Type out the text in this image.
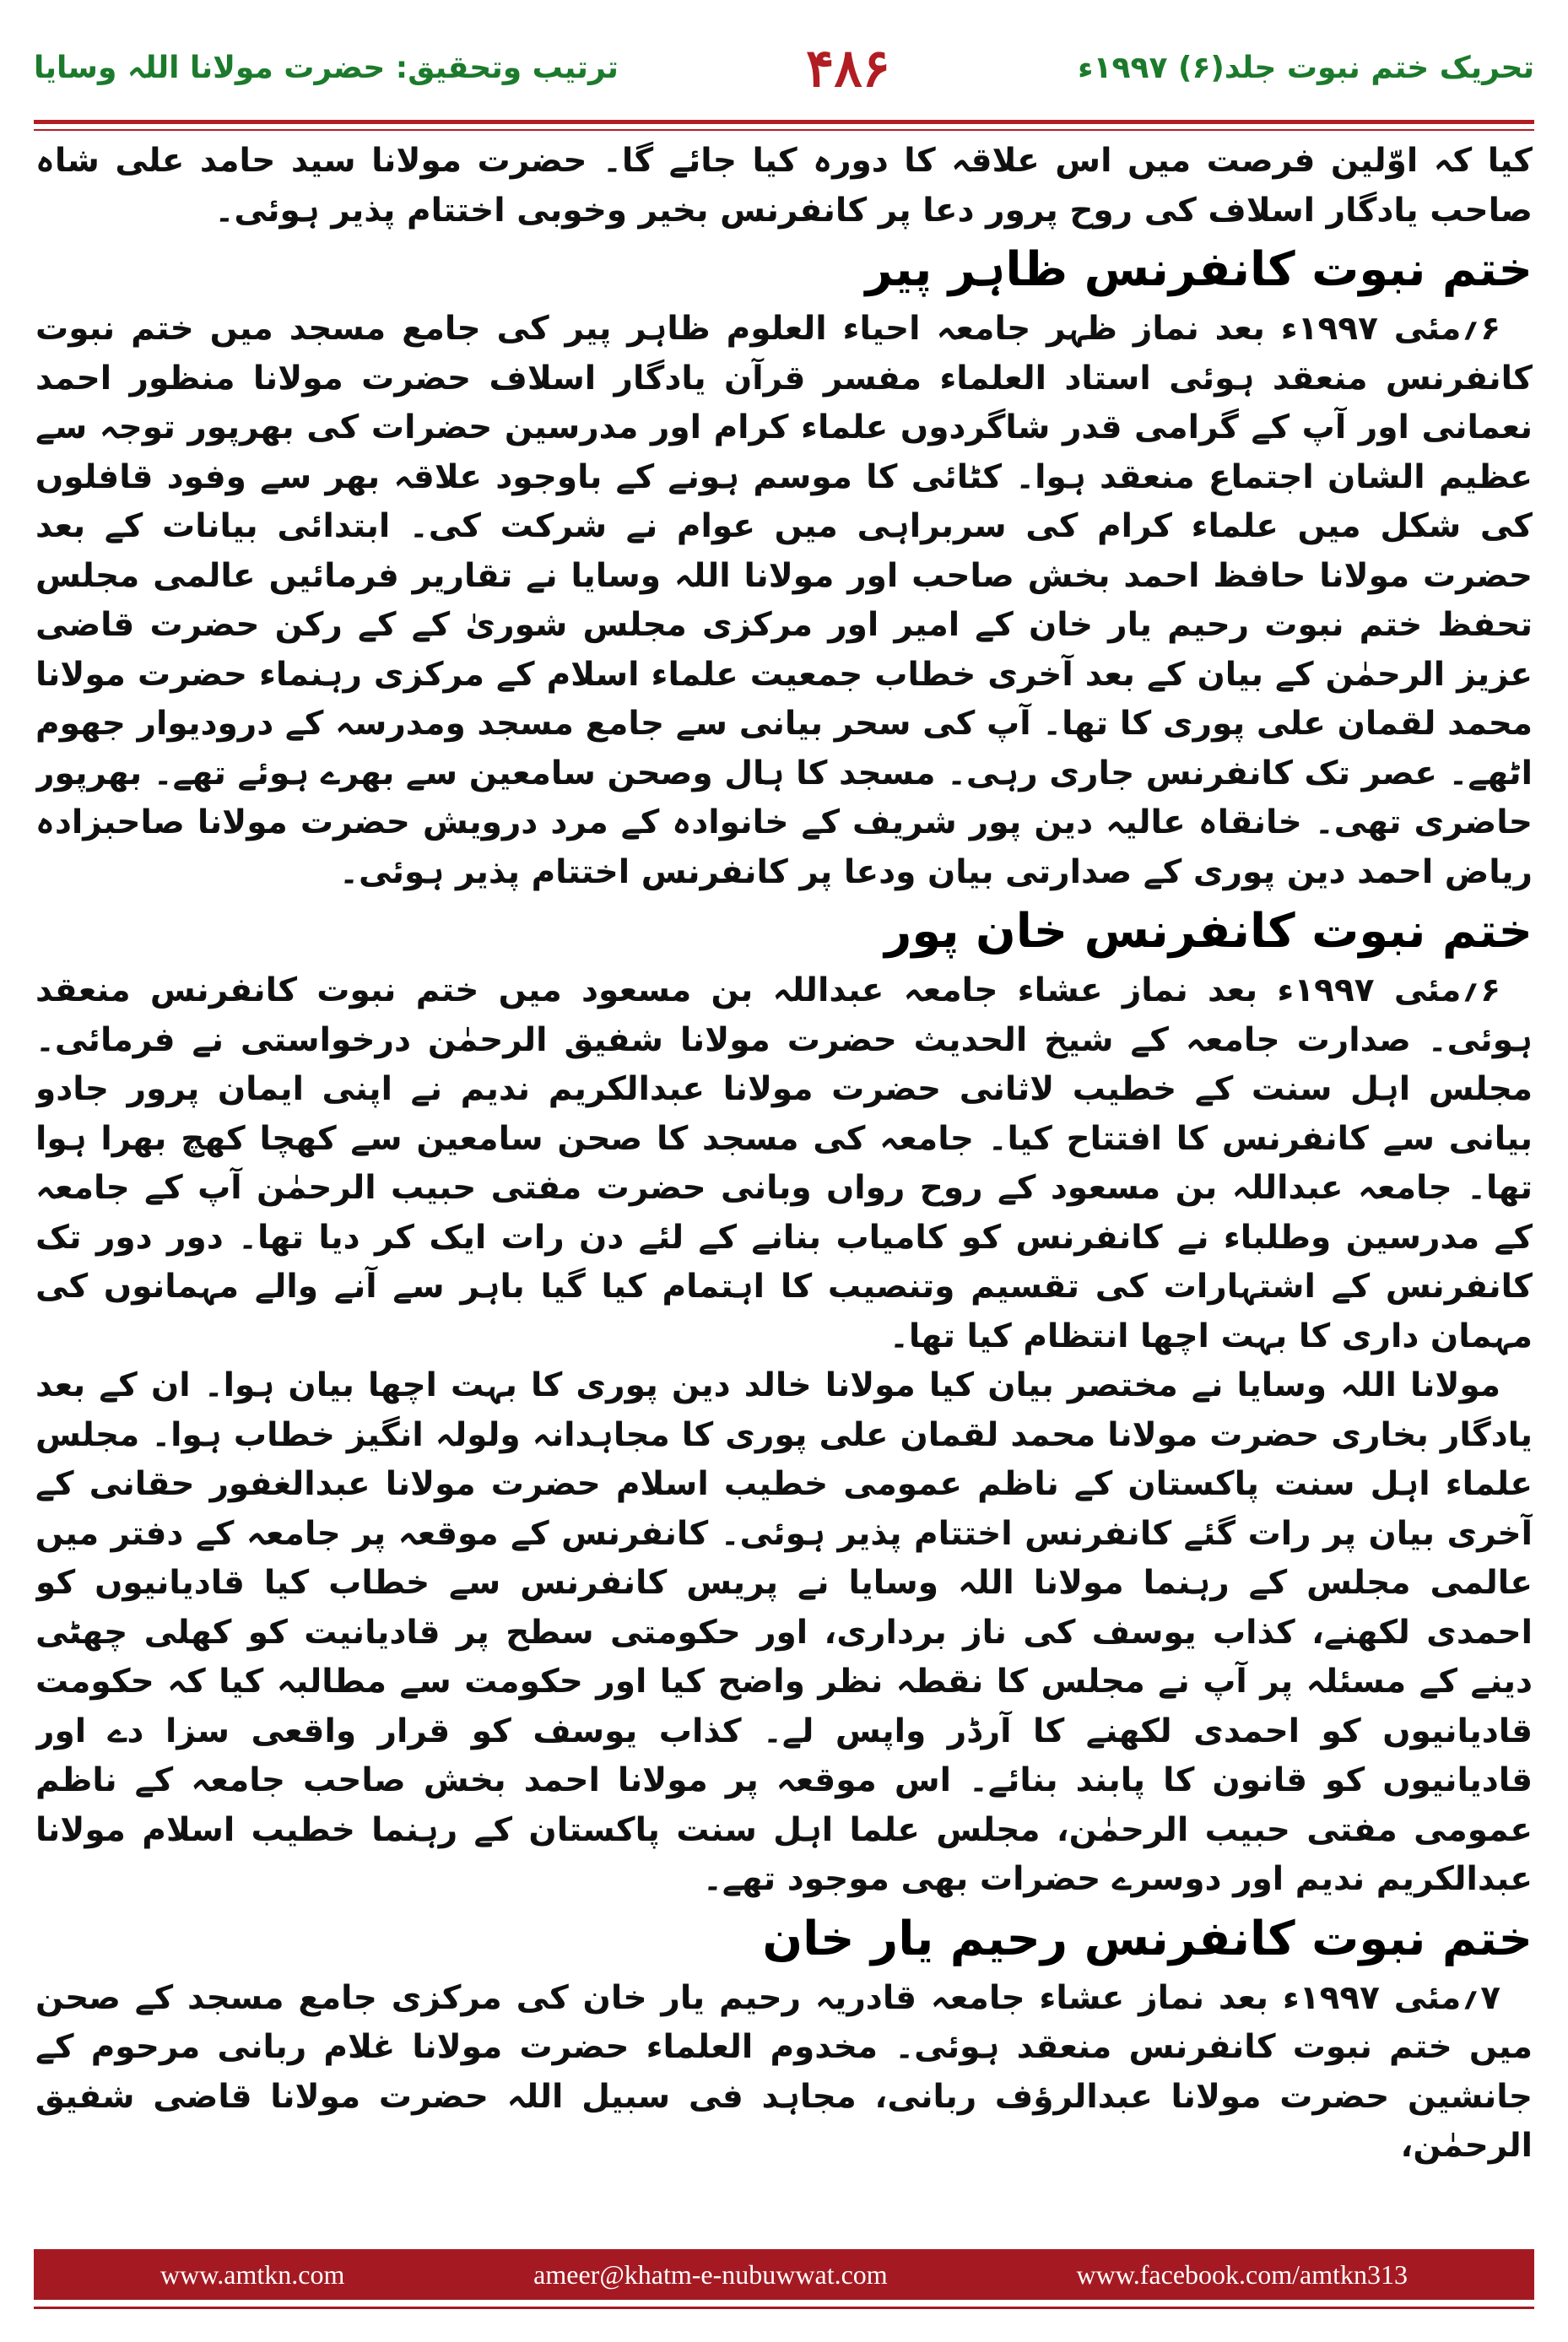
ترتیب وتحقیق: حضرت مولانا اللہ وسایا	۴۸۶	تحریک ختم نبوت جلد(۶) ۱۹۹۷ء

کیا کہ اوّلین فرصت میں اس علاقہ کا دورہ کیا جائے گا۔ حضرت مولانا سید حامد علی شاہ صاحب یادگار اسلاف کی روح پرور دعا پر کانفرنس بخیر وخوبی اختتام پذیر ہوئی۔

ختم نبوت کانفرنس ظاہر پیر

۶؍مئی ۱۹۹۷ء بعد نماز ظہر جامعہ احیاء العلوم ظاہر پیر کی جامع مسجد میں ختم نبوت کانفرنس منعقد ہوئی استاد العلماء مفسر قرآن یادگار اسلاف حضرت مولانا منظور احمد نعمانی اور آپ کے گرامی قدر شاگردوں علماء کرام اور مدرسین حضرات کی بھرپور توجہ سے عظیم الشان اجتماع منعقد ہوا۔ کٹائی کا موسم ہونے کے باوجود علاقہ بھر سے وفود قافلوں کی شکل میں علماء کرام کی سربراہی میں عوام نے شرکت کی۔ ابتدائی بیانات کے بعد حضرت مولانا حافظ احمد بخش صاحب اور مولانا اللہ وسایا نے تقاریر فرمائیں عالمی مجلس تحفظ ختم نبوت رحیم یار خان کے امیر اور مرکزی مجلس شوریٰ کے کے رکن حضرت قاضی عزیز الرحمٰن کے بیان کے بعد آخری خطاب جمعیت علماء اسلام کے مرکزی رہنماء حضرت مولانا محمد لقمان علی پوری کا تھا۔ آپ کی سحر بیانی سے جامع مسجد ومدرسہ کے درودیوار جھوم اٹھے۔ عصر تک کانفرنس جاری رہی۔ مسجد کا ہال وصحن سامعین سے بھرے ہوئے تھے۔ بھرپور حاضری تھی۔ خانقاہ عالیہ دین پور شریف کے خانوادہ کے مرد درویش حضرت مولانا صاحبزادہ ریاض احمد دین پوری کے صدارتی بیان ودعا پر کانفرنس اختتام پذیر ہوئی۔

ختم نبوت کانفرنس خان پور

۶؍مئی ۱۹۹۷ء بعد نماز عشاء جامعہ عبداللہ بن مسعود میں ختم نبوت کانفرنس منعقد ہوئی۔ صدارت جامعہ کے شیخ الحدیث حضرت مولانا شفیق الرحمٰن درخواستی نے فرمائی۔ مجلس اہل سنت کے خطیب لاثانی حضرت مولانا عبدالکریم ندیم نے اپنی ایمان پرور جادو بیانی سے کانفرنس کا افتتاح کیا۔ جامعہ کی مسجد کا صحن سامعین سے کھچا کھچ بھرا ہوا تھا۔ جامعہ عبداللہ بن مسعود کے روح رواں وبانی حضرت مفتی حبیب الرحمٰن آپ کے جامعہ کے مدرسین وطلباء نے کانفرنس کو کامیاب بنانے کے لئے دن رات ایک کر دیا تھا۔ دور دور تک کانفرنس کے اشتہارات کی تقسیم وتنصیب کا اہتمام کیا گیا باہر سے آنے والے مہمانوں کی مہمان داری کا بہت اچھا انتظام کیا تھا۔

مولانا اللہ وسایا نے مختصر بیان کیا مولانا خالد دین پوری کا بہت اچھا بیان ہوا۔ ان کے بعد یادگار بخاری حضرت مولانا محمد لقمان علی پوری کا مجاہدانہ ولولہ انگیز خطاب ہوا۔ مجلس علماء اہل سنت پاکستان کے ناظم عمومی خطیب اسلام حضرت مولانا عبدالغفور حقانی کے آخری بیان پر رات گئے کانفرنس اختتام پذیر ہوئی۔ کانفرنس کے موقعہ پر جامعہ کے دفتر میں عالمی مجلس کے رہنما مولانا اللہ وسایا نے پریس کانفرنس سے خطاب کیا قادیانیوں کو احمدی لکھنے، کذاب یوسف کی ناز برداری، اور حکومتی سطح پر قادیانیت کو کھلی چھٹی دینے کے مسئلہ پر آپ نے مجلس کا نقطہ نظر واضح کیا اور حکومت سے مطالبہ کیا کہ حکومت قادیانیوں کو احمدی لکھنے کا آرڈر واپس لے۔ کذاب یوسف کو قرار واقعی سزا دے اور قادیانیوں کو قانون کا پابند بنائے۔ اس موقعہ پر مولانا احمد بخش صاحب جامعہ کے ناظم عمومی مفتی حبیب الرحمٰن، مجلس علما اہل سنت پاکستان کے رہنما خطیب اسلام مولانا عبدالکریم ندیم اور دوسرے حضرات بھی موجود تھے۔

ختم نبوت کانفرنس رحیم یار خان

۷؍مئی ۱۹۹۷ء بعد نماز عشاء جامعہ قادریہ رحیم یار خان کی مرکزی جامع مسجد کے صحن میں ختم نبوت کانفرنس منعقد ہوئی۔ مخدوم العلماء حضرت مولانا غلام ربانی مرحوم کے جانشین حضرت مولانا عبدالرؤف ربانی، مجاہد فی سبیل اللہ حضرت مولانا قاضی شفیق الرحمٰن،

www.amtkn.com	ameer@khatm-e-nubuwwat.com	www.facebook.com/amtkn313
